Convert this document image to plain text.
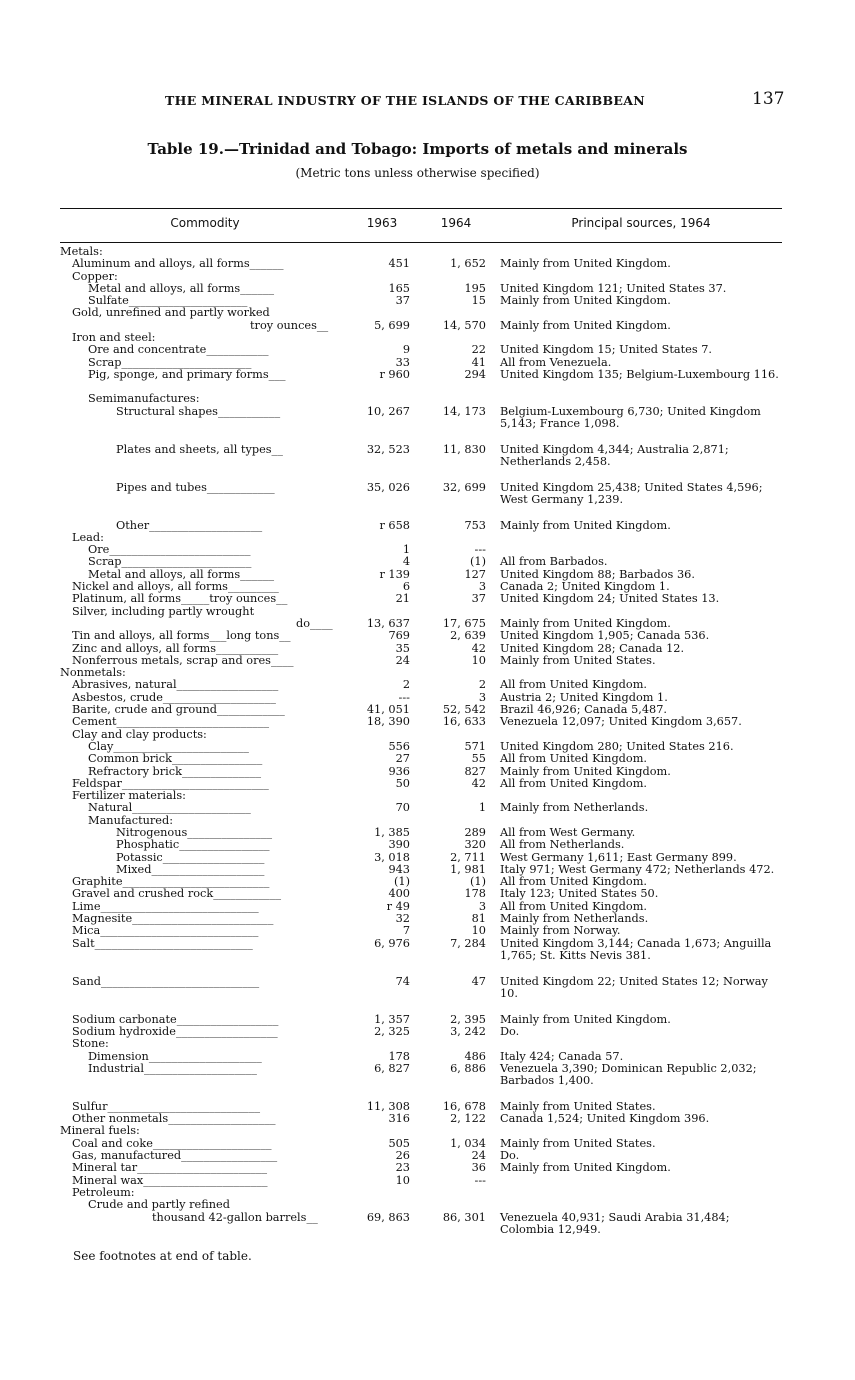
THE MINERAL INDUSTRY OF THE ISLANDS OF THE CARIBBEAN	137
Table 19.—Trinidad and Tobago: Imports of metals and minerals
(Metric tons unless otherwise specified)
Commodity	1963	1964	Principal sources, 1964
Metals:
Aluminum and alloys, all forms______	451	1, 652 Mainly from United Kingdom.
Copper:
Metal and alloys, all forms______	165	195 United Kingdom 121; United States 37.
Sulfate_____________________	37	15 Mainly from United Kingdom.
Gold, unrefined and partly worked
troy ounces__	5, 699	14, 570 Mainly from United Kingdom.
Iron and steel:
Ore and concentrate___________	9	22 United Kingdom 15; United States 7.
Scrap_______________________	33	41 All from Venezuela.
Pig, sponge, and primary forms___	r 960	294 United Kingdom 135; Belgium-Luxembourg 116.
Semimanufactures:
Structural shapes___________	10, 267	14, 173 Belgium-Luxembourg 6,730; United Kingdom 5,143; France 1,098.
Plates and sheets, all types__	32, 523	11, 830 United Kingdom 4,344; Australia 2,871; Netherlands 2,458.
Pipes and tubes____________	35, 026	32, 699 United Kingdom 25,438; United States 4,596; West Germany 1,239.
Other____________________	r 658	753 Mainly from United Kingdom.
Lead:
Ore_________________________	1	---
Scrap_______________________	4	(1) All from Barbados.
Metal and alloys, all forms______	r 139	127 United Kingdom 88; Barbados 36.
Nickel and alloys, all forms_________	6	3 Canada 2; United Kingdom 1.
Platinum, all forms_____troy ounces__	21	37 United Kingdom 24; United States 13.
Silver, including partly wrought
do____	13, 637	17, 675 Mainly from United Kingdom.
Tin and alloys, all forms___long tons__	769	2, 639 United Kingdom 1,905; Canada 536.
Zinc and alloys, all forms___________	35	42 United Kingdom 28; Canada 12.
Nonferrous metals, scrap and ores____	24	10 Mainly from United States.
Nonmetals:
Abrasives, natural__________________	2	2 All from United Kingdom.
Asbestos, crude____________________	---	3 Austria 2; United Kingdom 1.
Barite, crude and ground____________	41, 051	52, 542 Brazil 46,926; Canada 5,487.
Cement___________________________	18, 390	16, 633 Venezuela 12,097; United Kingdom 3,657.
Clay and clay products:
Clay________________________	556	571 United Kingdom 280; United States 216.
Common brick________________	27	55 All from United Kingdom.
Refractory brick______________	936	827 Mainly from United Kingdom.
Feldspar__________________________	50	42 All from United Kingdom.
Fertilizer materials:
Natural_____________________	70	1 Mainly from Netherlands.
Manufactured:
Nitrogenous_______________	1, 385	289 All from West Germany.
Phosphatic________________	390	320 All from Netherlands.
Potassic__________________	3, 018	2, 711 West Germany 1,611; East Germany 899.
Mixed____________________	943	1, 981 Italy 971; West Germany 472; Netherlands 472.
Graphite__________________________	(1)	(1) All from United Kingdom.
Gravel and crushed rock____________	400	178 Italy 123; United States 50.
Lime____________________________	r 49	3 All from United Kingdom.
Magnesite_________________________	32	81 Mainly from Netherlands.
Mica____________________________	7	10 Mainly from Norway.
Salt____________________________	6, 976	7, 284 United Kingdom 3,144; Canada 1,673; Anguilla 1,765; St. Kitts Nevis 381.
Sand____________________________	74	47 United Kingdom 22; United States 12; Norway 10.
Sodium carbonate__________________	1, 357	2, 395 Mainly from United Kingdom.
Sodium hydroxide__________________	2, 325	3, 242 Do.
Stone:
Dimension____________________	178	486 Italy 424; Canada 57.
Industrial____________________	6, 827	6, 886 Venezuela 3,390; Dominican Republic 2,032; Barbados 1,400.
Sulfur___________________________	11, 308	16, 678 Mainly from United States.
Other nonmetals___________________	316	2, 122 Canada 1,524; United Kingdom 396.
Mineral fuels:
Coal and coke_____________________	505	1, 034 Mainly from United States.
Gas, manufactured_________________	26	24 Do.
Mineral tar_______________________	23	36 Mainly from United Kingdom.
Mineral wax______________________	10	---
Petroleum:
Crude and partly refined
thousand 42-gallon barrels__	69, 863	86, 301 Venezuela 40,931; Saudi Arabia 31,484; Colombia 12,949.
See footnotes at end of table.
